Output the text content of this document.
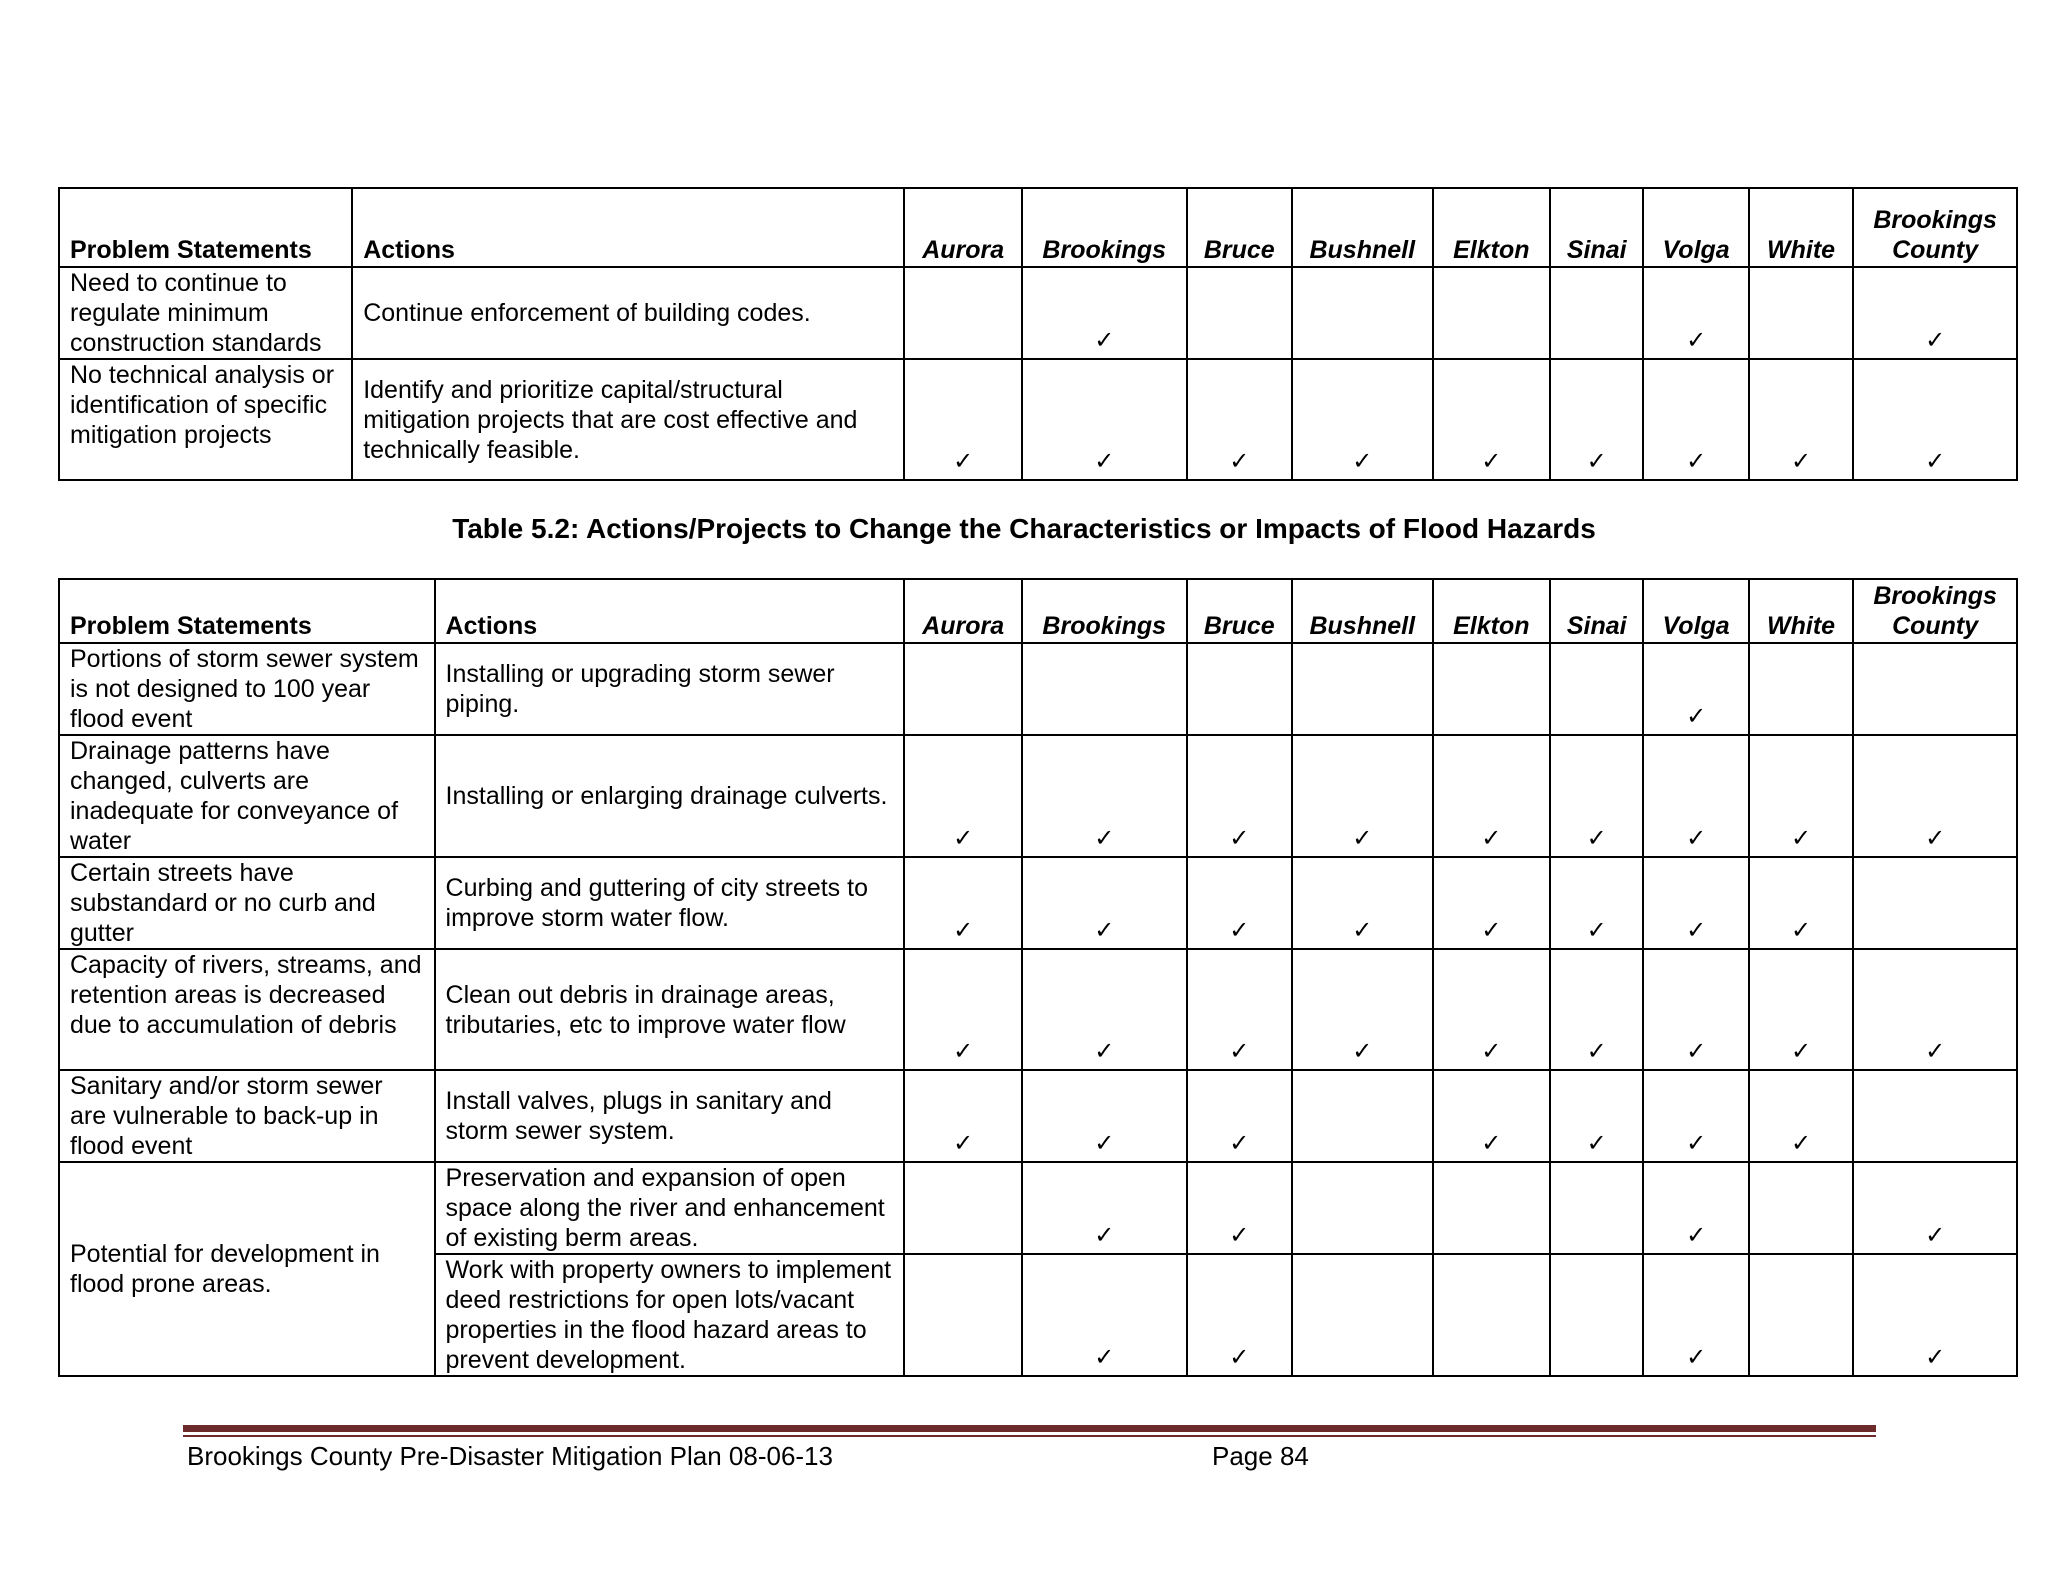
Problem Statements	Actions	Aurora	Brookings	Bruce	Bushnell	Elkton	Sinai	Volga	White	Brookings
County
Need to continue to regulate minimum construction standards	Continue enforcement of building codes.		✓					✓		✓
No technical analysis or identification of specific mitigation projects	Identify and prioritize capital/structural mitigation projects that are cost effective and technically feasible.	✓	✓	✓	✓	✓	✓	✓	✓	✓
Table 5.2: Actions/Projects to Change the Characteristics or Impacts of Flood Hazards
Problem Statements	Actions	Aurora	Brookings	Bruce	Bushnell	Elkton	Sinai	Volga	White	Brookings
County
Portions of storm sewer system is not designed to 100 year flood event	Installing or upgrading storm sewer piping.							✓		
Drainage patterns have changed, culverts are inadequate for conveyance of water	Installing or enlarging drainage culverts.	✓	✓	✓	✓	✓	✓	✓	✓	✓
Certain streets have substandard or no curb and gutter	Curbing and guttering of city streets to improve storm water flow.	✓	✓	✓	✓	✓	✓	✓	✓	
Capacity of rivers, streams, and retention areas is decreased due to accumulation of debris	Clean out debris in drainage areas, tributaries, etc to improve water flow	✓	✓	✓	✓	✓	✓	✓	✓	✓
Sanitary and/or storm sewer are vulnerable to back-up in flood event	Install valves, plugs in sanitary and storm sewer system.	✓	✓	✓		✓	✓	✓	✓	
Potential for development in flood prone areas.	Preservation and expansion of open space along the river and enhancement of existing berm areas.		✓	✓				✓		✓
	Work with property owners to implement deed restrictions for open lots/vacant properties in the flood hazard areas to prevent development.		✓	✓				✓		✓
Brookings County Pre-Disaster Mitigation Plan 08-06-13	Page 84
